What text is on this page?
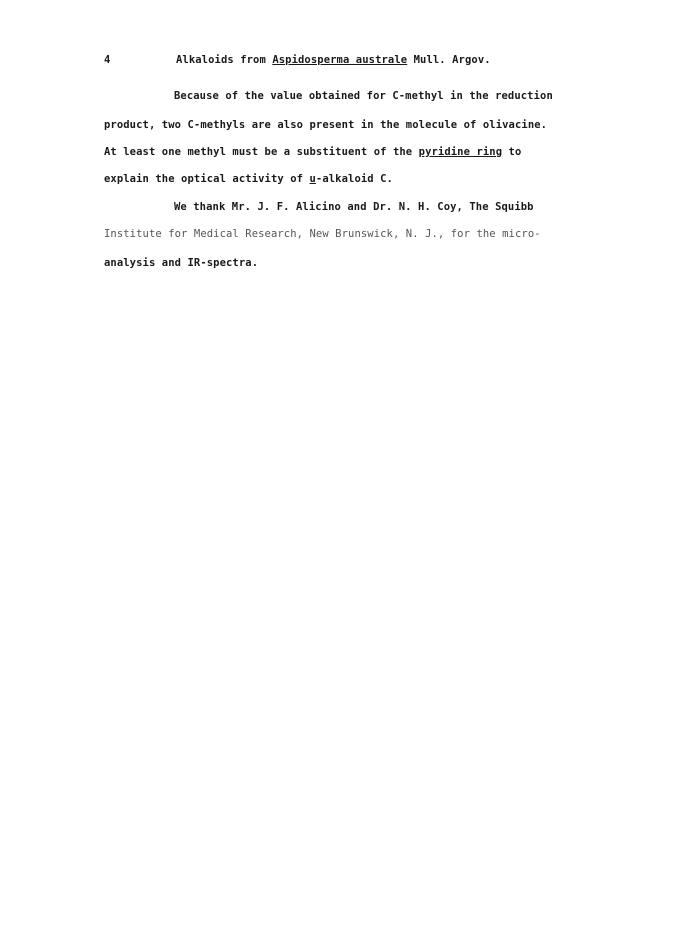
4	Alkaloids from Aspidosperma australe Mull. Argov.
Because of the value obtained for C-methyl in the reduction
product, two C-methyls are also present in the molecule of olivacine.
At least one methyl must be a substituent of the pyridine ring to
explain the optical activity of u-alkaloid C.
We thank Mr. J. F. Alicino and Dr. N. H. Coy, The Squibb
Institute for Medical Research, New Brunswick, N. J., for the micro-
analysis and IR-spectra.
